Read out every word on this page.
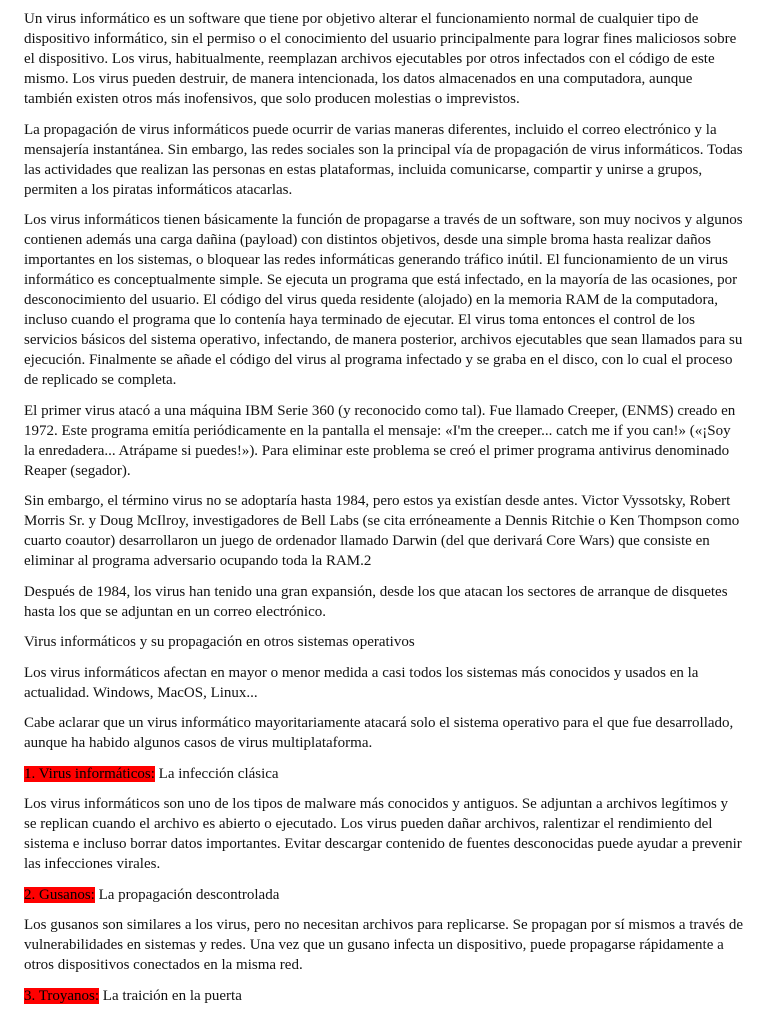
Un virus informático es un software que tiene por objetivo alterar el funcionamiento normal de cualquier tipo de dispositivo informático, sin el permiso o el conocimiento del usuario principalmente para lograr fines maliciosos sobre el dispositivo. Los virus, habitualmente, reemplazan archivos ejecutables por otros infectados con el código de este mismo. Los virus pueden destruir, de manera intencionada, los datos almacenados en una computadora, aunque también existen otros más inofensivos, que solo producen molestias o imprevistos.

La propagación de virus informáticos puede ocurrir de varias maneras diferentes, incluido el correo electrónico y la mensajería instantánea. Sin embargo, las redes sociales son la principal vía de propagación de virus informáticos. Todas las actividades que realizan las personas en estas plataformas, incluida comunicarse, compartir y unirse a grupos, permiten a los piratas informáticos atacarlas.

Los virus informáticos tienen básicamente la función de propagarse a través de un software, son muy nocivos y algunos contienen además una carga dañina (payload) con distintos objetivos, desde una simple broma hasta realizar daños importantes en los sistemas, o bloquear las redes informáticas generando tráfico inútil. El funcionamiento de un virus informático es conceptualmente simple. Se ejecuta un programa que está infectado, en la mayoría de las ocasiones, por desconocimiento del usuario. El código del virus queda residente (alojado) en la memoria RAM de la computadora, incluso cuando el programa que lo contenía haya terminado de ejecutar. El virus toma entonces el control de los servicios básicos del sistema operativo, infectando, de manera posterior, archivos ejecutables que sean llamados para su ejecución. Finalmente se añade el código del virus al programa infectado y se graba en el disco, con lo cual el proceso de replicado se completa.

El primer virus atacó a una máquina IBM Serie 360 (y reconocido como tal). Fue llamado Creeper, (ENMS) creado en 1972. Este programa emitía periódicamente en la pantalla el mensaje: «I'm the creeper... catch me if you can!» («¡Soy la enredadera... Atrápame si puedes!»). Para eliminar este problema se creó el primer programa antivirus denominado Reaper (segador).

Sin embargo, el término virus no se adoptaría hasta 1984, pero estos ya existían desde antes. Victor Vyssotsky, Robert Morris Sr. y Doug McIlroy, investigadores de Bell Labs (se cita erróneamente a Dennis Ritchie o Ken Thompson como cuarto coautor) desarrollaron un juego de ordenador llamado Darwin (del que derivará Core Wars) que consiste en eliminar al programa adversario ocupando toda la RAM.2

Después de 1984, los virus han tenido una gran expansión, desde los que atacan los sectores de arranque de disquetes hasta los que se adjuntan en un correo electrónico.

Virus informáticos y su propagación en otros sistemas operativos

Los virus informáticos afectan en mayor o menor medida a casi todos los sistemas más conocidos y usados en la actualidad. Windows, MacOS, Linux...

Cabe aclarar que un virus informático mayoritariamente atacará solo el sistema operativo para el que fue desarrollado, aunque ha habido algunos casos de virus multiplataforma.

1. Virus informáticos: La infección clásica

Los virus informáticos son uno de los tipos de malware más conocidos y antiguos. Se adjuntan a archivos legítimos y se replican cuando el archivo es abierto o ejecutado. Los virus pueden dañar archivos, ralentizar el rendimiento del sistema e incluso borrar datos importantes. Evitar descargar contenido de fuentes desconocidas puede ayudar a prevenir las infecciones virales.

2. Gusanos: La propagación descontrolada

Los gusanos son similares a los virus, pero no necesitan archivos para replicarse. Se propagan por sí mismos a través de vulnerabilidades en sistemas y redes. Una vez que un gusano infecta un dispositivo, puede propagarse rápidamente a otros dispositivos conectados en la misma red.

3. Troyanos: La traición en la puerta
